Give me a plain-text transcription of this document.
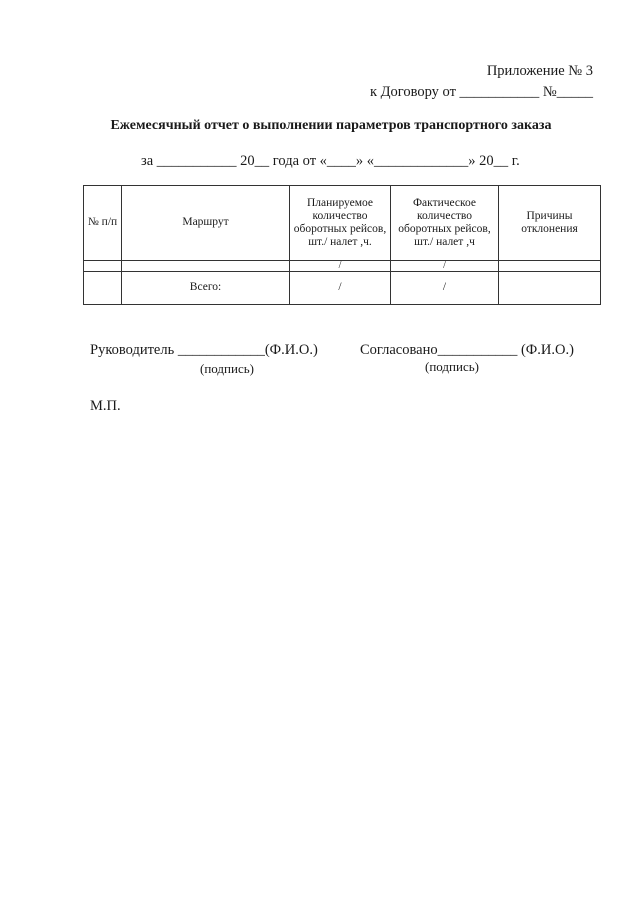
Приложение № 3
к Договору от ___________ №_____
Ежемесячный отчет о выполнении параметров транспортного заказа
за ___________ 20__ года от «____» «_____________» 20__ г.
№ п/п	Маршрут	Планируемое количество оборотных рейсов, шт./ налет ,ч.	Фактическое количество оборотных рейсов, шт./ налет ,ч	Причины отклонения
		/	/	
	Всего:	/	/	
Руководитель ____________(Ф.И.О.)
(подпись)
Согласовано___________ (Ф.И.О.)
(подпись)
М.П.
